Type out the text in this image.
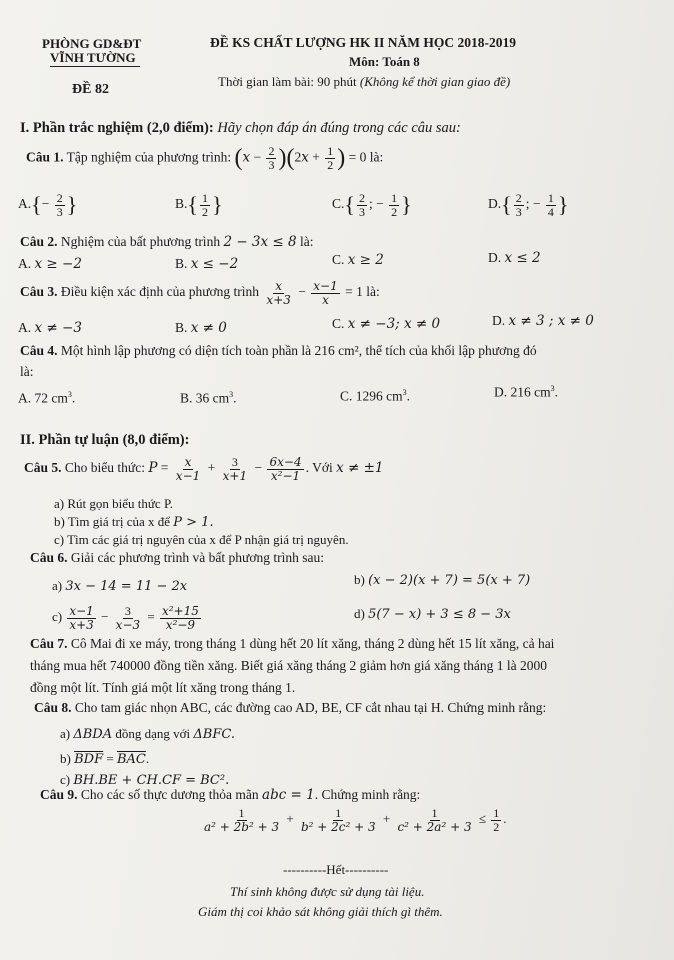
PHÒNG GD&ĐT
VĨNH TƯỜNG
ĐỀ 82
ĐỀ KS CHẤT LƯỢNG HK II NĂM HỌC 2018-2019
Môn: Toán 8
Thời gian làm bài: 90 phút (Không kể thời gian giao đề)
I. Phần trắc nghiệm (2,0 điểm): Hãy chọn đáp án đúng trong các câu sau:
Câu 1. Tập nghiệm của phương trình: $(x - \frac{2}{3} )(2x + \frac{1}{2}$ ) = 0 là:
$A.\{- \frac{2}{3}$ }	$B.\{ \frac{1}{2}$ }	$C.\{ \frac{2}{3}$ ; − $\frac{1}{2}$ }	$D.\{ \frac{2}{3}$ ; − $\frac{1}{4}$ }
Câu 2. Nghiệm của bất phương trình 2 − 3x ≤ 8 là:
A. x ≥ −2	B. x ≤ −2	C. x ≥ 2	D. x ≤ 2
Câu 3. Điều kiện xác định của phương trình $\frac{x}{x+3} - \frac{x-1}{x} = 1$ là:
A. x ≠ −3	B. x ≠ 0	C. x ≠ −3; x ≠ 0	D. x ≠ 3 ; x ≠ 0
Câu 4. Một hình lập phương có diện tích toàn phần là 216 cm², thể tích của khối lập phương đó
là:
A. 72 $cm^3$.	B. 36 $cm^3$.	C. 1296 $cm^3$.	D. 216 $cm^3$.
II. Phần tự luận (8,0 điểm):
Câu 5. Cho biểu thức: $P = \frac{x}{x-1} + \frac{3}{x+1} - \frac{6x-4}{\text{x²−1}}$ . Với x ≠ ±1
a) Rút gọn biểu thức P.
b) Tìm giá trị của x để P > 1.
c) Tìm các giá trị nguyên của x để P nhận giá trị nguyên.
Câu 6. Giải các phương trình và bất phương trình sau:
a) 3x − 14 = 11 − 2x	b) (x − 2)(x + 7) = 5(x + 7)
$c) \frac{x-1}{x+3} - \frac{3}{x-3} = \frac{\text{x²+15}}{\text{x²−9}}$	d) 5(7 − x) + 3 ≤ 8 − 3x
Câu 7. Cô Mai đi xe máy, trong tháng 1 dùng hết 20 lít xăng, tháng 2 dùng hết 15 lít xăng, cả hai
tháng mua hết 740000 đồng tiền xăng. Biết giá xăng tháng 2 giảm hơn giá xăng tháng 1 là 2000
đồng một lít. Tính giá một lít xăng trong tháng 1.
Câu 8. Cho tam giác nhọn ABC, các đường cao AD, BE, CF cắt nhau tại H. Chứng minh rằng:
a) ΔBDA đồng dạng với ΔBFC.
b) $\overline{BDF} = \overline{BAC}$.
c) BH.BE + CH.CF = BC².
Câu 9. Cho các số thực dương thỏa mãn abc = 1. Chứng minh rằng:
$\frac{1}{\text{a² + 2b² + 3}} + \frac{1}{\text{b² + 2c² + 3}} + \frac{1}{\text{c² + 2a² + 3}} \le \frac{1}{2}$ .
----------Hết----------
Thí sinh không được sử dụng tài liệu.
Giám thị coi khảo sát không giải thích gì thêm.
